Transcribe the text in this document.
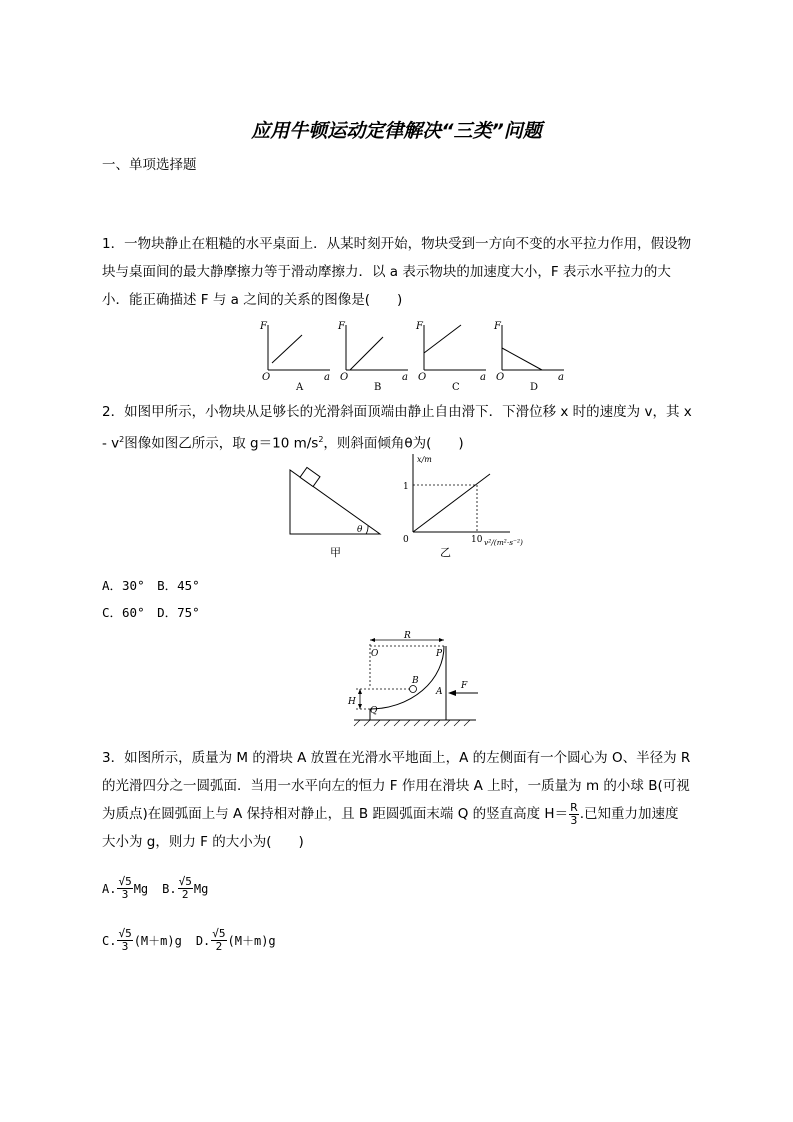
应用牛顿运动定律解决“三类”问题
一、单项选择题
1．一物块静止在粗糙的水平桌面上．从某时刻开始，物块受到一方向不变的水平拉力作用，假设物块与桌面间的最大静摩擦力等于滑动摩擦力．以 a 表示物块的加速度大小，F 表示水平拉力的大小．能正确描述 F 与 a 之间的关系的图像是(　　)
F
O	a
A
F
O	a
B
F
O	a
C
F
O	a
D
2．如图甲所示，小物块从足够长的光滑斜面顶端由静止自由滑下．下滑位移 x 时的速度为 v，其 x - $v^2$图像如图乙所示，取 g＝10 $m/s^2$，则斜面倾角θ为(　　)
θ
甲
x/m
1
0	10 v²/(m²·s⁻²)
乙
A．30°　B．45°
C．60°　D．75°
R
O	P
B
A
F
H
Q
3．如图所示，质量为 M 的滑块 A 放置在光滑水平地面上，A 的左侧面有一个圆心为 O、半径为 R 的光滑四分之一圆弧面．当用一水平向左的恒力 F 作用在滑块 A 上时，一质量为 m 的小球 B(可视为质点)在圆弧面上与 A 保持相对静止，且 B 距圆弧面末端 Q 的竖直高度 $H= \frac{R}{3}$ .已知重力加速度大小为 g，则力 F 的大小为(　　)
A. $\frac{√5}{3}$ Mg B. $\frac{√5}{2}$ Mg
C. $\frac{√5}{3} (M+m)g$ D. $\frac{√5}{2} (M+m)g$
